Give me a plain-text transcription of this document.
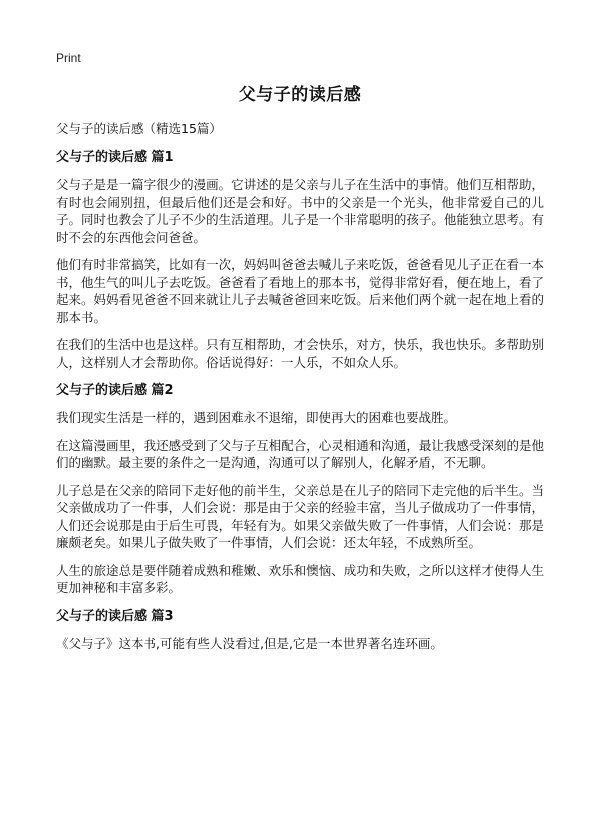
Print
父与子的读后感

父与子的读后感（精选15篇）

父与子的读后感 篇1

父与子是是一篇字很少的漫画。它讲述的是父亲与儿子在生活中的事情。他们互相帮助，有时也会闹别扭，但最后他们还是会和好。书中的父亲是一个光头，他非常爱自己的儿子。同时也教会了儿子不少的生活道理。儿子是一个非常聪明的孩子。他能独立思考。有时不会的东西他会问爸爸。

他们有时非常搞笑，比如有一次，妈妈叫爸爸去喊儿子来吃饭，爸爸看见儿子正在看一本书，他生气的叫儿子去吃饭。爸爸看了看地上的那本书，觉得非常好看，便在地上，看了起来。妈妈看见爸爸不回来就让儿子去喊爸爸回来吃饭。后来他们两个就一起在地上看的那本书。

在我们的生活中也是这样。只有互相帮助，才会快乐，对方，快乐，我也快乐。多帮助别人，这样别人才会帮助你。俗话说得好：一人乐，不如众人乐。

父与子的读后感 篇2

我们现实生活是一样的，遇到困难永不退缩，即使再大的困难也要战胜。

在这篇漫画里，我还感受到了父与子互相配合，心灵相通和沟通，最让我感受深刻的是他们的幽默。最主要的条件之一是沟通，沟通可以了解别人，化解矛盾，不无聊。

儿子总是在父亲的陪同下走好他的前半生，父亲总是在儿子的陪同下走完他的后半生。当父亲做成功了一件事，人们会说：那是由于父亲的经验丰富，当儿子做成功了一件事情，人们还会说那是由于后生可畏，年轻有为。如果父亲做失败了一件事情，人们会说：那是廉颇老矣。如果儿子做失败了一件事情，人们会说：还太年轻，不成熟所至。

人生的旅途总是要伴随着成熟和稚嫩、欢乐和懊恼、成功和失败，之所以这样才使得人生更加神秘和丰富多彩。

父与子的读后感 篇3

《父与子》这本书,可能有些人没看过,但是,它是一本世界著名连环画。
